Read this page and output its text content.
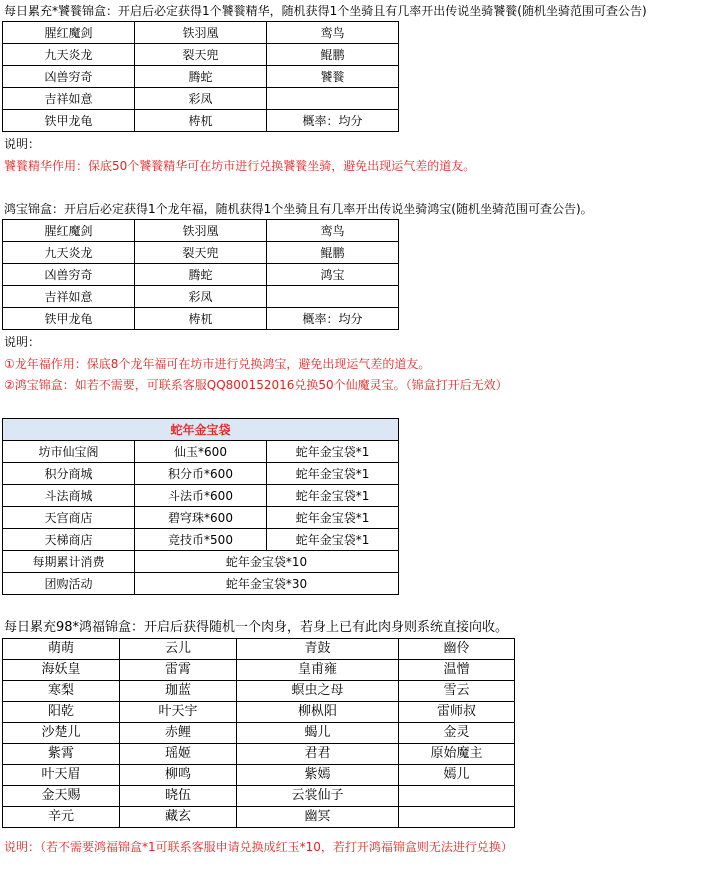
每日累充*饕餮锦盒：开启后必定获得1个饕餮精华，随机获得1个坐骑且有几率开出传说坐骑饕餮(随机坐骑范围可查公告)
腥红魔剑	铁羽凰	鸾鸟
九天炎龙	裂天兜	鲲鹏
凶兽穷奇	腾蛇	饕餮
吉祥如意	彩凤	
铁甲龙龟	梼杌	概率：均分
说明：
饕餮精华作用：保底50个饕餮精华可在坊市进行兑换饕餮坐骑，避免出现运气差的道友。
鸿宝锦盒：开启后必定获得1个龙年福，随机获得1个坐骑且有几率开出传说坐骑鸿宝(随机坐骑范围可查公告)。
腥红魔剑	铁羽凰	鸾鸟
九天炎龙	裂天兜	鲲鹏
凶兽穷奇	腾蛇	鸿宝
吉祥如意	彩凤	
铁甲龙龟	梼杌	概率：均分
说明：
①龙年福作用：保底8个龙年福可在坊市进行兑换鸿宝，避免出现运气差的道友。
②鸿宝锦盒：如若不需要，可联系客服QQ800152016兑换50个仙魔灵宝。（锦盒打开后无效）
蛇年金宝袋		
坊市仙宝阁	仙玉*600	蛇年金宝袋*1
积分商城	积分币*600	蛇年金宝袋*1
斗法商城	斗法币*600	蛇年金宝袋*1
天宫商店	碧穹珠*600	蛇年金宝袋*1
天梯商店	竞技币*500	蛇年金宝袋*1
每期累计消费	蛇年金宝袋*10	
团购活动	蛇年金宝袋*30	
每日累充98*鸿福锦盒：开启后获得随机一个肉身，若身上已有此肉身则系统直接向收。
萌萌	云儿	青鼓	幽伶
海妖皇	雷霄	皇甫雍	温憎
寒梨	珈蓝	螟虫之母	雪云
阳乾	叶天宇	柳枞阳	雷师叔
沙楚儿	赤鲤	蝎儿	金灵
紫霄	瑶姬	君君	原始魔主
叶天眉	柳鸣	紫嫣	嫣儿
金天赐	晓伍	云裳仙子	
辛元	藏玄	幽冥	
说明：（若不需要鸿福锦盒*1可联系客服申请兑换成红玉*10，若打开鸿福锦盒则无法进行兑换）
